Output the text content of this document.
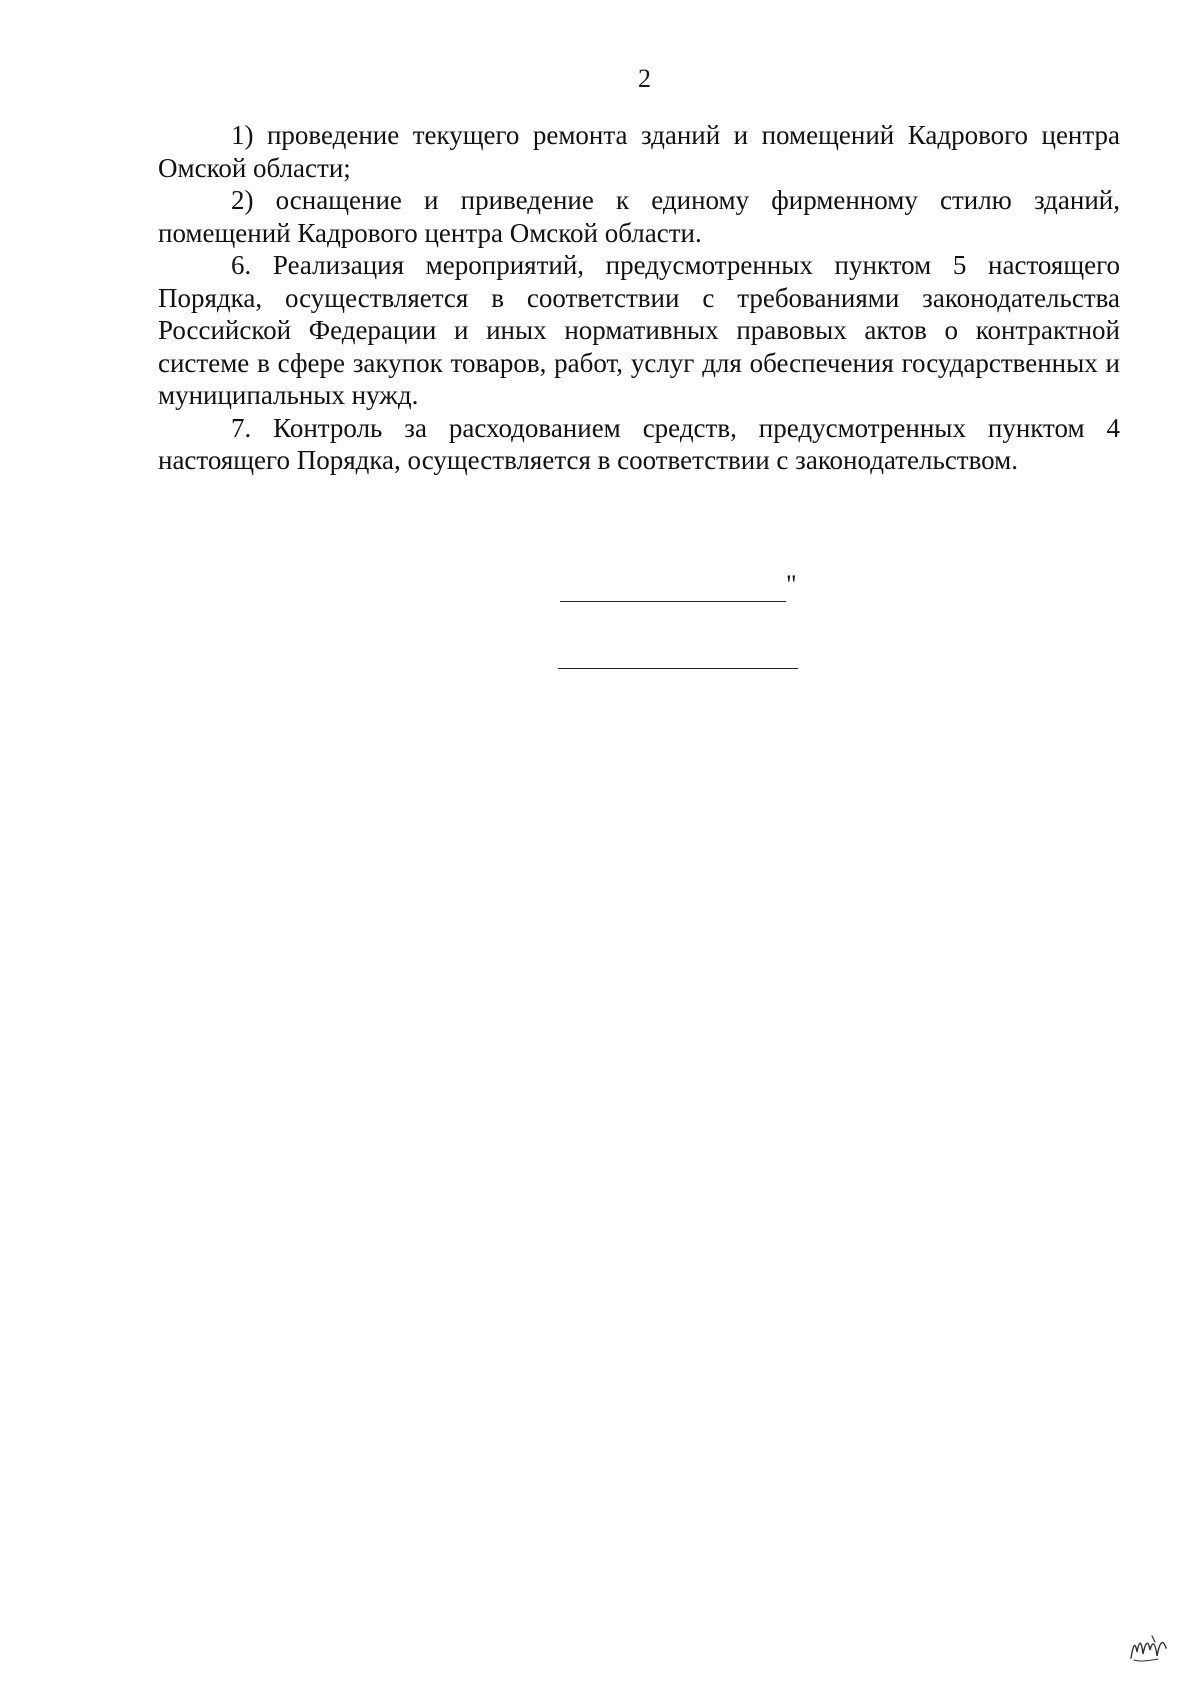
2

1) проведение текущего ремонта зданий и помещений Кадрового центра Омской области;

2) оснащение и приведение к единому фирменному стилю зданий, помещений Кадрового центра Омской области.

6. Реализация мероприятий, предусмотренных пунктом 5 настоящего Порядка, осуществляется в соответствии с требованиями законодательства Российской Федерации и иных нормативных правовых актов о контрактной системе в сфере закупок товаров, работ, услуг для обеспечения государственных и муниципальных нужд.

7. Контроль за расходованием средств, предусмотренных пунктом 4 настоящего Порядка, осуществляется в соответствии с законодательством.

"
